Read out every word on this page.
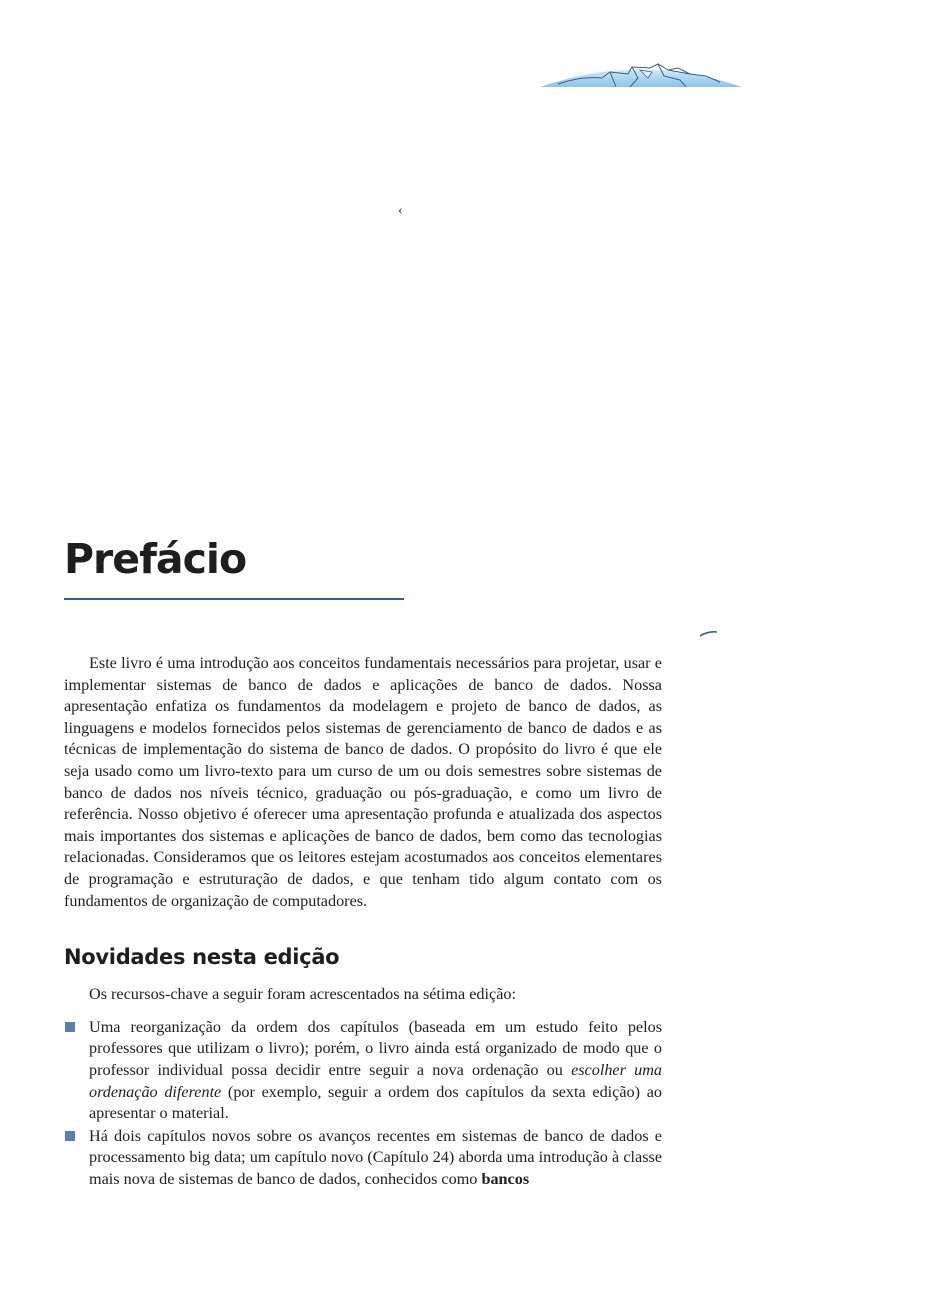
‹
Prefácio

Este livro é uma introdução aos conceitos fundamentais necessários para projetar, usar e implementar sistemas de banco de dados e aplicações de banco de dados. Nossa apresentação enfatiza os fundamentos da modelagem e projeto de banco de dados, as linguagens e modelos fornecidos pelos sistemas de gerenciamento de banco de dados e as técnicas de implementação do sistema de banco de dados. O propósito do livro é que ele seja usado como um livro-texto para um curso de um ou dois semestres sobre sistemas de banco de dados nos níveis técnico, graduação ou pós-graduação, e como um livro de referência. Nosso objetivo é oferecer uma apresentação profunda e atualizada dos aspectos mais importantes dos sistemas e aplicações de banco de dados, bem como das tecnologias relacionadas. Consideramos que os leitores estejam acostumados aos conceitos elementares de programação e estruturação de dados, e que tenham tido algum contato com os fundamentos de organização de computadores.

Novidades nesta edição

Os recursos-chave a seguir foram acrescentados na sétima edição:

Uma reorganização da ordem dos capítulos (baseada em um estudo feito pelos professores que utilizam o livro); porém, o livro ainda está organizado de modo que o professor individual possa decidir entre seguir a nova ordenação ou escolher uma ordenação diferente (por exemplo, seguir a ordem dos capítulos da sexta edição) ao apresentar o material.
Há dois capítulos novos sobre os avanços recentes em sistemas de banco de dados e processamento big data; um capítulo novo (Capítulo 24) aborda uma introdução à classe mais nova de sistemas de banco de dados, conhecidos como bancos
